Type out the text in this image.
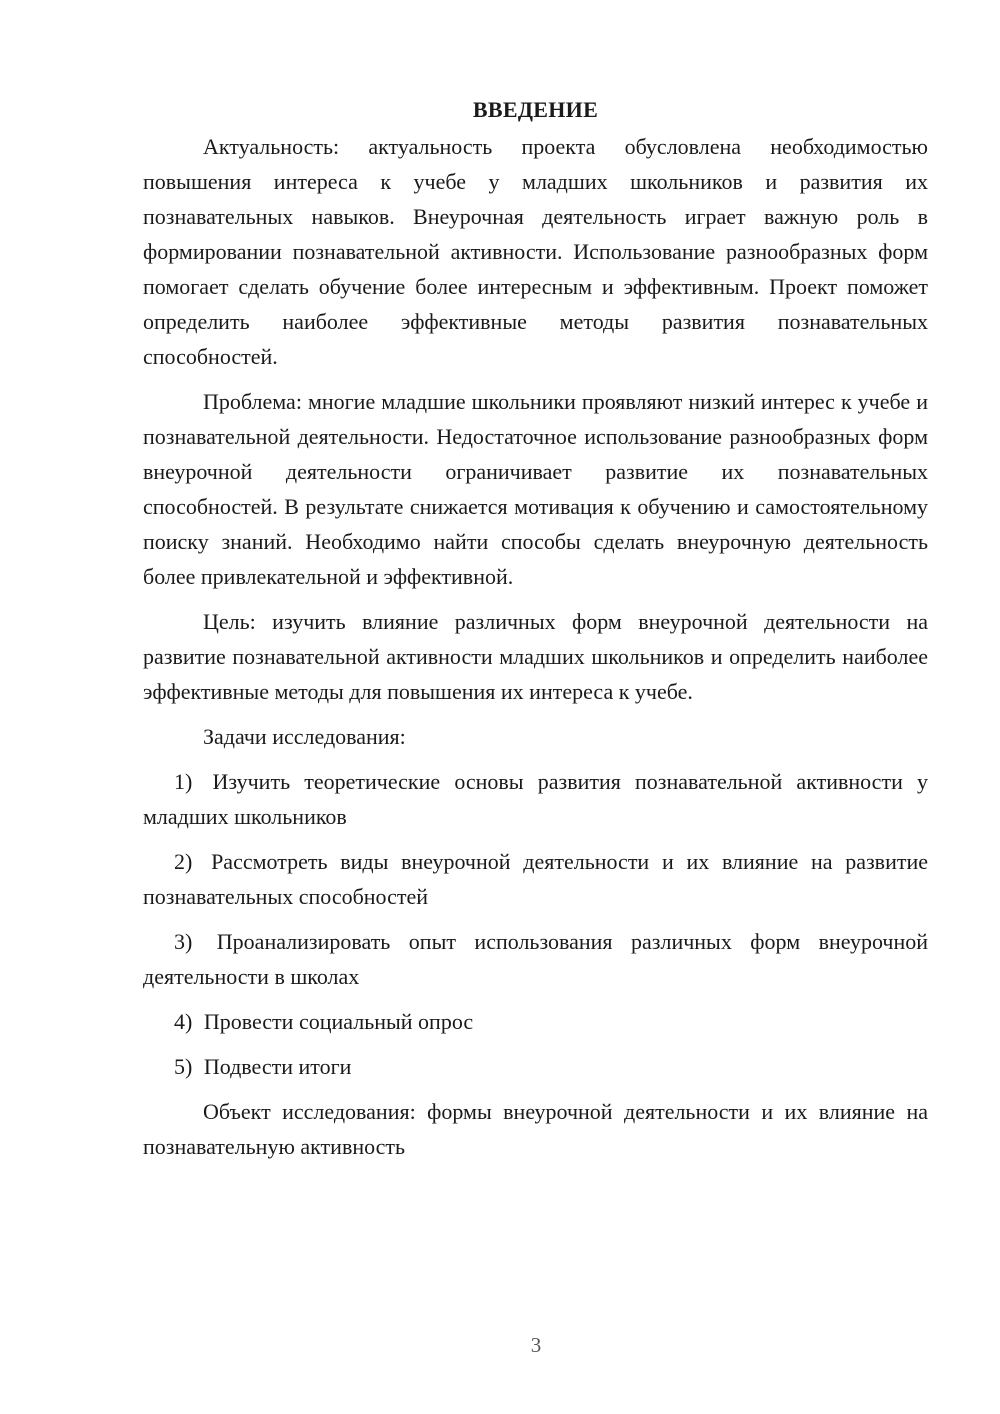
ВВЕДЕНИЕ

Актуальность: актуальность проекта обусловлена необходимостью повышения интереса к учебе у младших школьников и развития их познавательных навыков. Внеурочная деятельность играет важную роль в формировании познавательной активности. Использование разнообразных форм помогает сделать обучение более интересным и эффективным. Проект поможет определить наиболее эффективные методы развития познавательных способностей.

Проблема: многие младшие школьники проявляют низкий интерес к учебе и познавательной деятельности. Недостаточное использование разнообразных форм внеурочной деятельности ограничивает развитие их познавательных способностей. В результате снижается мотивация к обучению и самостоятельному поиску знаний. Необходимо найти способы сделать внеурочную деятельность более привлекательной и эффективной.

Цель: изучить влияние различных форм внеурочной деятельности на развитие познавательной активности младших школьников и определить наиболее эффективные методы для повышения их интереса к учебе.

Задачи исследования:

1) Изучить теоретические основы развития познавательной активности у младших школьников

2) Рассмотреть виды внеурочной деятельности и их влияние на развитие познавательных способностей

3) Проанализировать опыт использования различных форм внеурочной деятельности в школах

4) Провести социальный опрос

5) Подвести итоги

Объект исследования: формы внеурочной деятельности и их влияние на познавательную активность

3
